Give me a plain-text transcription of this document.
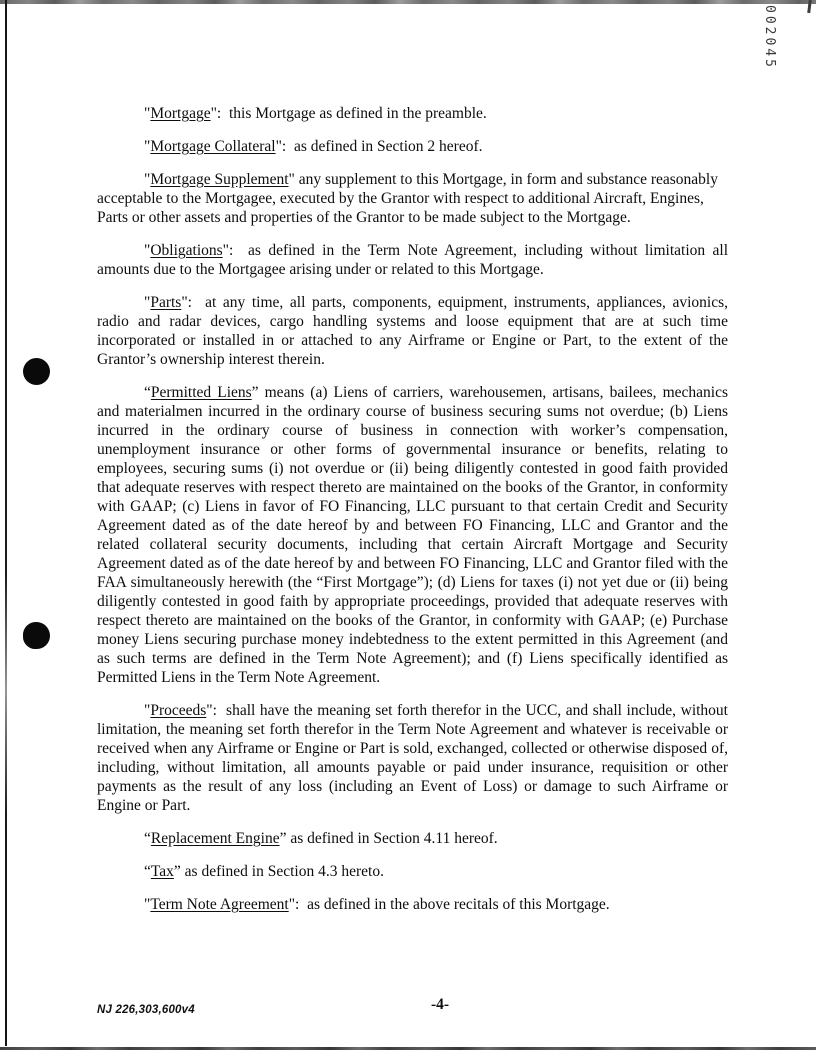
002045

"Mortgage":  this Mortgage as defined in the preamble.

"Mortgage Collateral":  as defined in Section 2 hereof.

"Mortgage Supplement" any supplement to this Mortgage, in form and substance reasonably acceptable to the Mortgagee, executed by the Grantor with respect to additional Aircraft, Engines, Parts or other assets and properties of the Grantor to be made subject to the Mortgage.

"Obligations":  as defined in the Term Note Agreement, including without limitation all amounts due to the Mortgagee arising under or related to this Mortgage.

"Parts":  at any time, all parts, components, equipment, instruments, appliances, avionics, radio and radar devices, cargo handling systems and loose equipment that are at such time incorporated or installed in or attached to any Airframe or Engine or Part, to the extent of the Grantor’s ownership interest therein.

“Permitted Liens” means (a) Liens of carriers, warehousemen, artisans, bailees, mechanics and materialmen incurred in the ordinary course of business securing sums not overdue; (b) Liens incurred in the ordinary course of business in connection with worker’s compensation, unemployment insurance or other forms of governmental insurance or benefits, relating to employees, securing sums (i) not overdue or (ii) being diligently contested in good faith provided that adequate reserves with respect thereto are maintained on the books of the Grantor, in conformity with GAAP; (c) Liens in favor of FO Financing, LLC pursuant to that certain Credit and Security Agreement dated as of the date hereof by and between FO Financing, LLC and Grantor and the related collateral security documents, including that certain Aircraft Mortgage and Security Agreement dated as of the date hereof by and between FO Financing, LLC and Grantor filed with the FAA simultaneously herewith (the “First Mortgage”); (d) Liens for taxes (i) not yet due or (ii) being diligently contested in good faith by appropriate proceedings, provided that adequate reserves with respect thereto are maintained on the books of the Grantor, in conformity with GAAP; (e) Purchase money Liens securing purchase money indebtedness to the extent permitted in this Agreement (and as such terms are defined in the Term Note Agreement); and (f) Liens specifically identified as Permitted Liens in the Term Note Agreement.

"Proceeds":  shall have the meaning set forth therefor in the UCC, and shall include, without limitation, the meaning set forth therefor in the Term Note Agreement and whatever is receivable or received when any Airframe or Engine or Part is sold, exchanged, collected or otherwise disposed of, including, without limitation, all amounts payable or paid under insurance, requisition or other payments as the result of any loss (including an Event of Loss) or damage to such Airframe or Engine or Part.

“Replacement Engine” as defined in Section 4.11 hereof.

“Tax” as defined in Section 4.3 hereto.

"Term Note Agreement":  as defined in the above recitals of this Mortgage.

NJ 226,303,600v4	-4-
